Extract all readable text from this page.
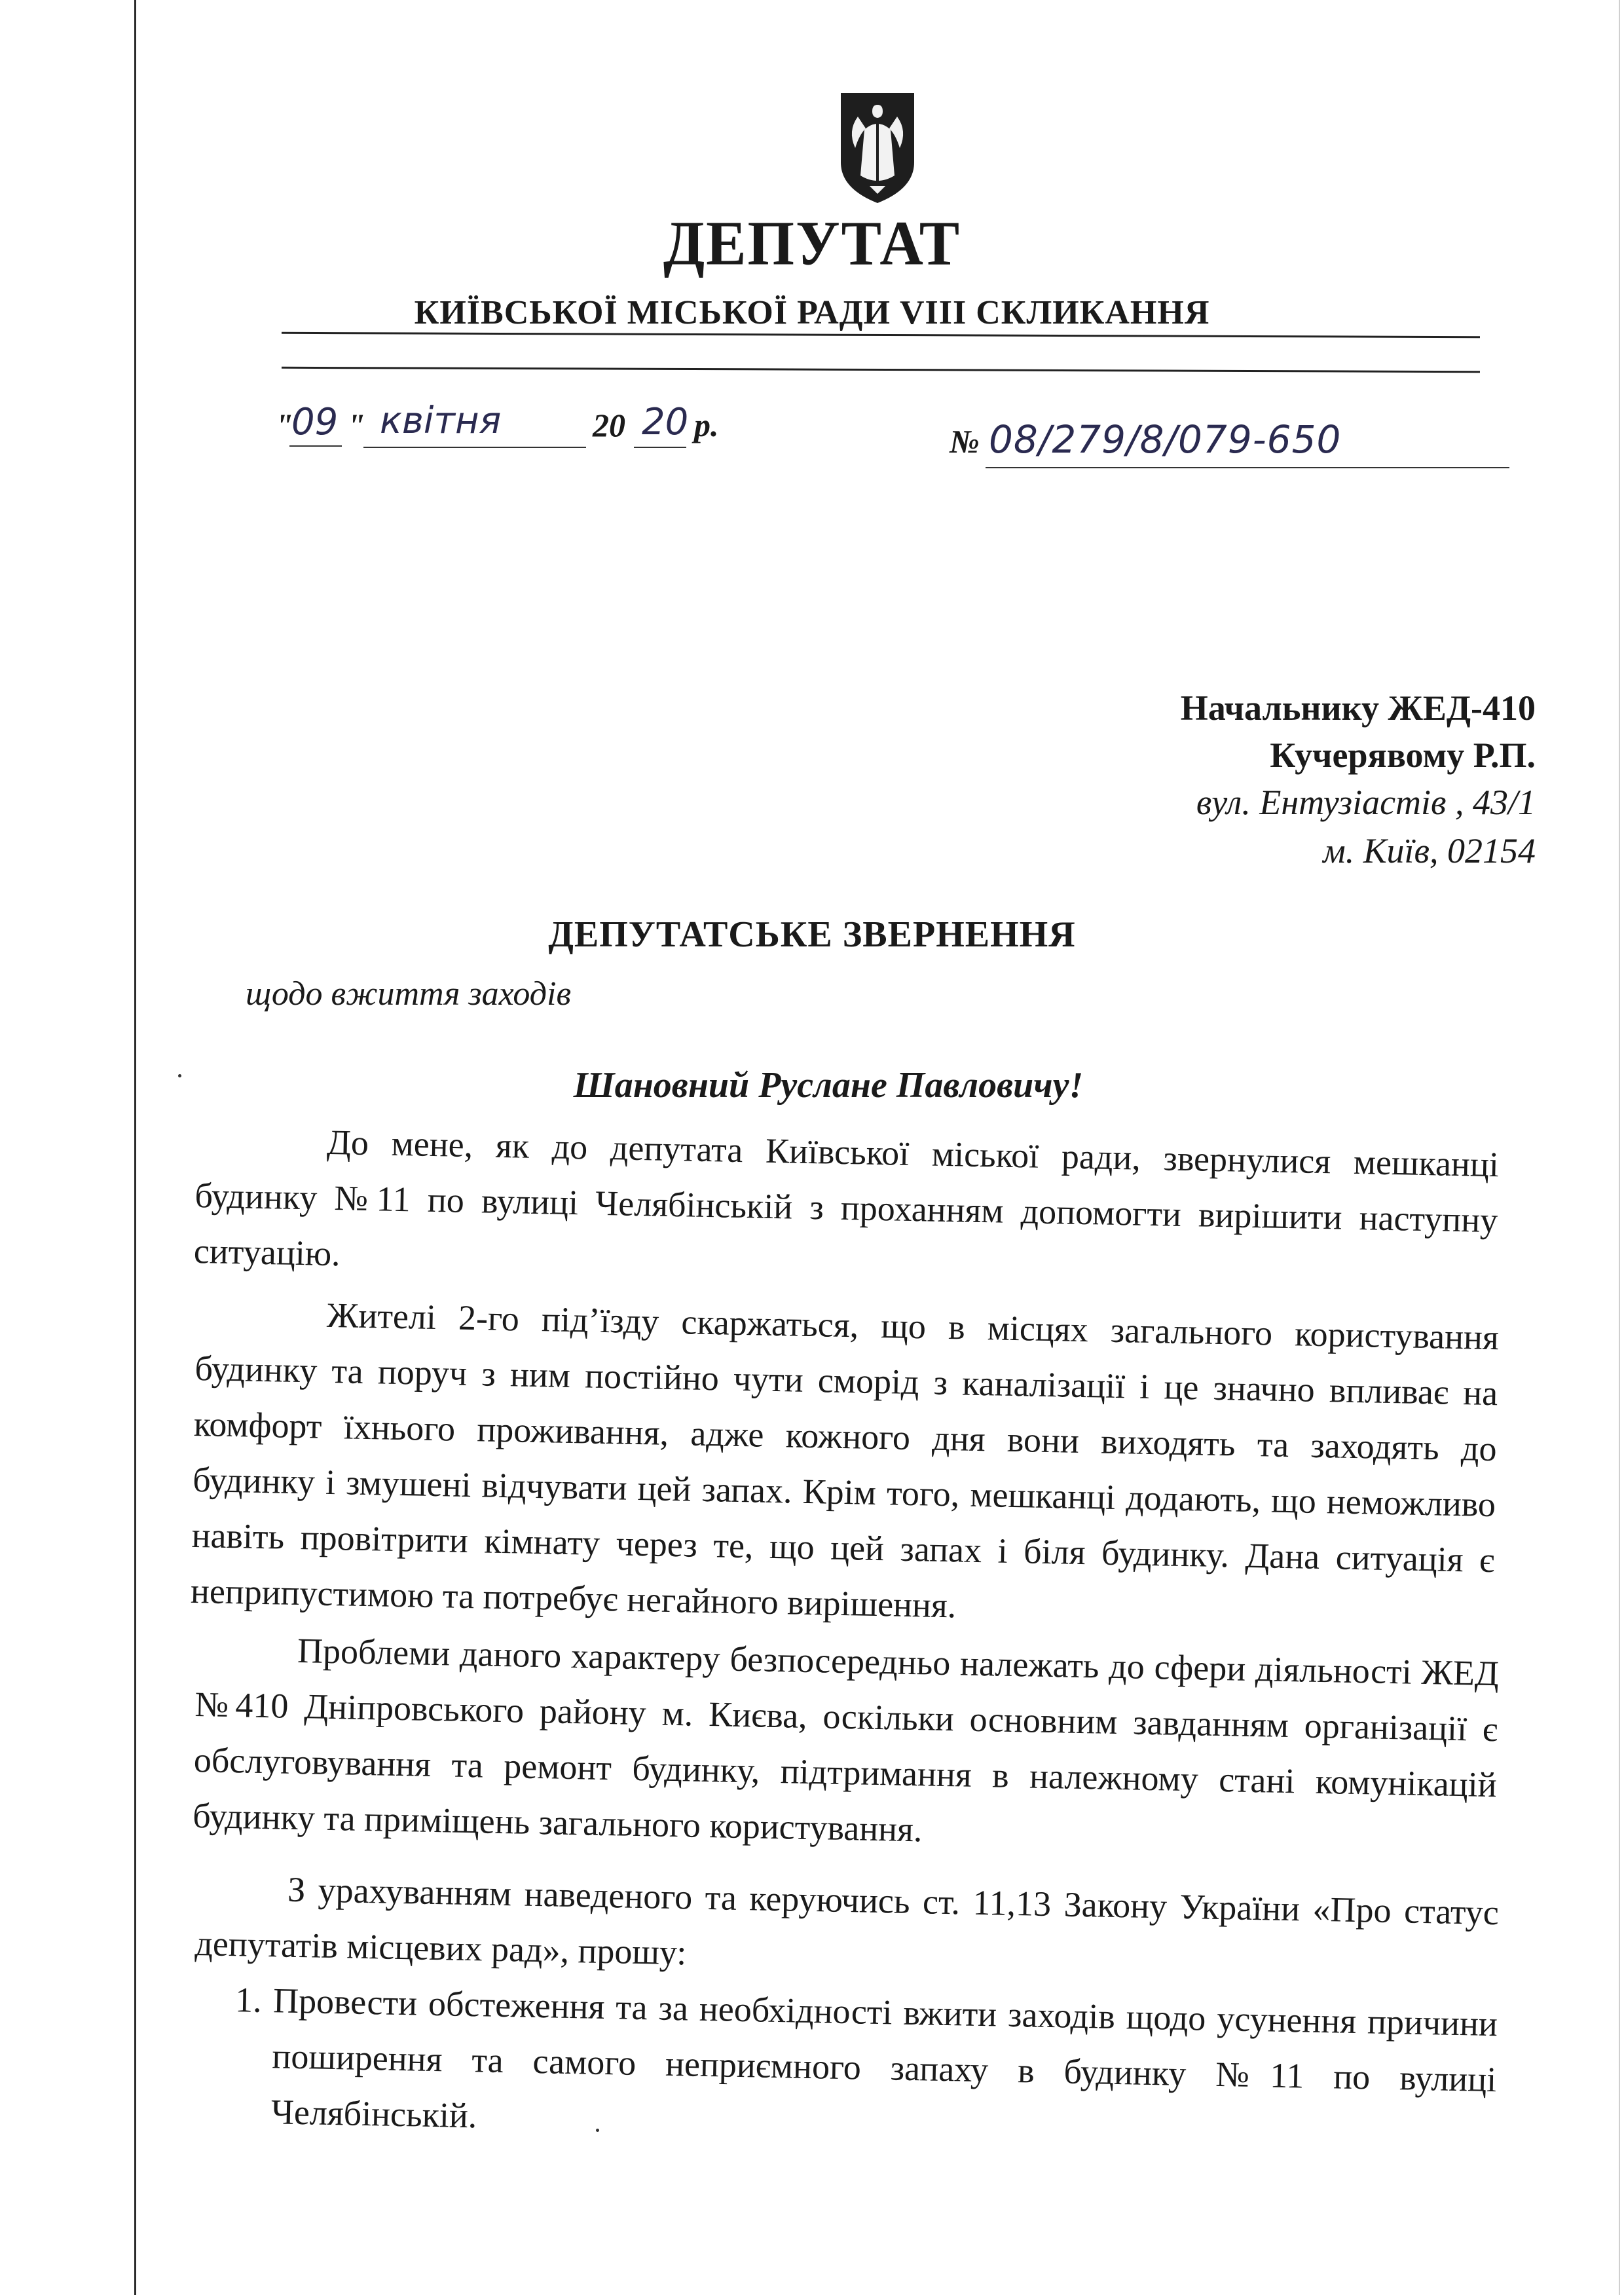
ДЕПУТАТ
КИЇВСЬКОЇ МІСЬКОЇ РАДИ VIII СКЛИКАННЯ
"
09 " квітня	20 20 р.	№ 08/279/8/079-650
Начальнику ЖЕД-410
Кучерявому Р.П.
вул. Ентузіастів , 43/1
м. Київ, 02154
ДЕПУТАТСЬКЕ ЗВЕРНЕННЯ
щодо вжиття заходів
Шановний Руслане Павловичу!

До мене, як до депутата Київської міської ради, звернулися мешканці будинку №11 по вулиці Челябінській з проханням допомогти вирішити наступну ситуацію.

Жителі 2-го під’їзду скаржаться, що в місцях загального користування будинку та поруч з ним постійно чути сморід з каналізації і це значно впливає на комфорт їхнього проживання, адже кожного дня вони виходять та заходять до будинку і змушені відчувати цей запах. Крім того, мешканці додають, що неможливо навіть провітрити кімнату через те, що цей запах і біля будинку. Дана ситуація є неприпустимою та потребує негайного вирішення.

Проблеми даного характеру безпосередньо належать до сфери діяльності ЖЕД №410 Дніпровського району м. Києва, оскільки основним завданням організації є обслуговування та ремонт будинку, підтримання в належному стані комунікацій будинку та приміщень загального користування.

З урахуванням наведеного та керуючись ст. 11,13 Закону України «Про статус депутатів місцевих рад», прошу:

1. Провести обстеження та за необхідності вжити заходів щодо усунення причини поширення та самого неприємного запаху в будинку №11 по вулиці Челябінській.
